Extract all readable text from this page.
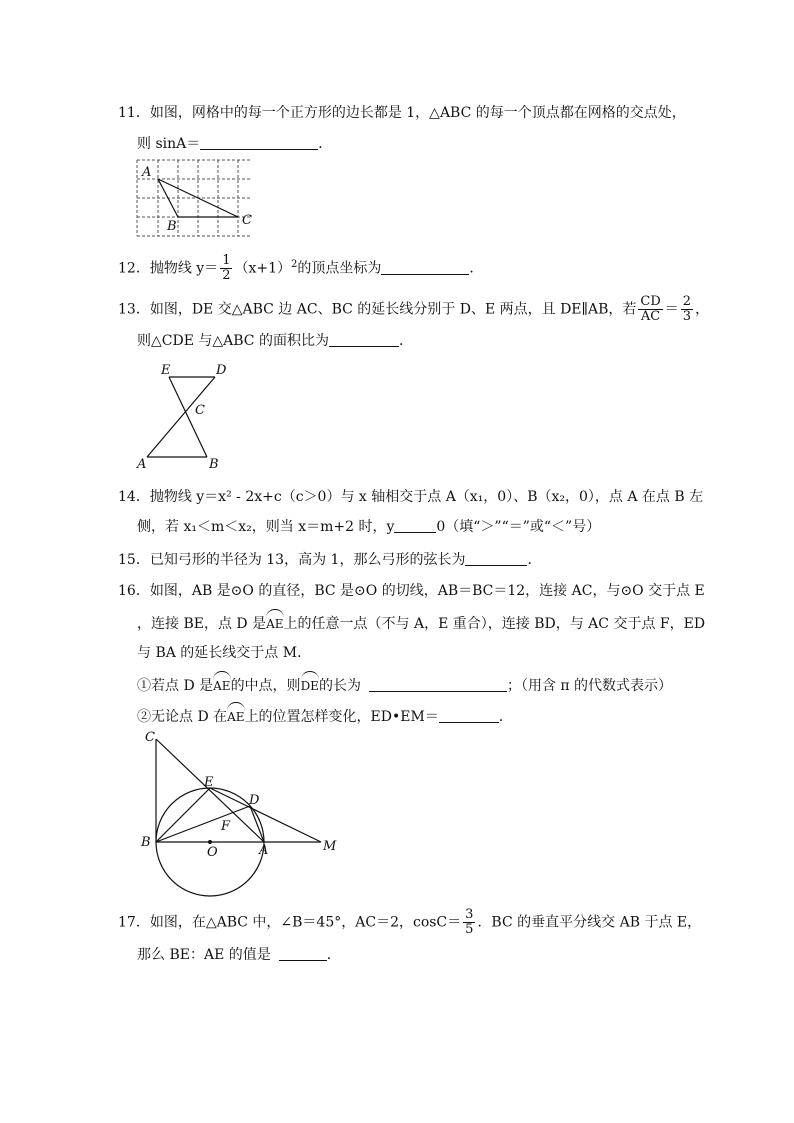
11．如图，网格中的每一个正方形的边长都是 1，△ABC 的每一个顶点都在网格的交点处，
则 sinA＝	．
A
B	C
12．抛物线 $y= \frac{1}{2} (x+1)^2$的顶点坐标为	．
13．如图，DE 交△ABC 边 AC、BC 的延长线分别于 D、E 两点，且 DE∥AB，若 $\frac{CD}{AC} = \frac{2}{3}$ ，
则△CDE 与△ABC 的面积比为	．
E	D
C
A	B
14．抛物线 y＝x² - 2x+c（c＞0）与 x 轴相交于点 A（x₁，0）、B（x₂，0），点 A 在点 B 左
侧，若 x₁＜m＜x₂，则当 x＝m+2 时，y	0（填“＞”“＝”或“＜”号）
15．已知弓形的半径为 13，高为 1，那么弓形的弦长为	．
16．如图，AB 是⊙O 的直径，BC 是⊙O 的切线，AB＝BC＝12，连接 AC，与⊙O 交于点 E
，连接 BE，点 D 是AE上的任意一点（不与 A，E 重合），连接 BD，与 AC 交于点 F，ED
与 BA 的延长线交于点 M．
①若点 D 是AE的中点，则DE的长为	；（用含 π 的代数式表示）
②无论点 D 在AE上的位置怎样变化，ED•EM＝	．
C
E
D
F
B
O	A	M
17．如图，在△ABC 中，∠B＝45°，AC＝2，$\cos C= \frac{3}{5}$ ．BC 的垂直平分线交 AB 于点 E，
那么 BE：AE 的值是	．
